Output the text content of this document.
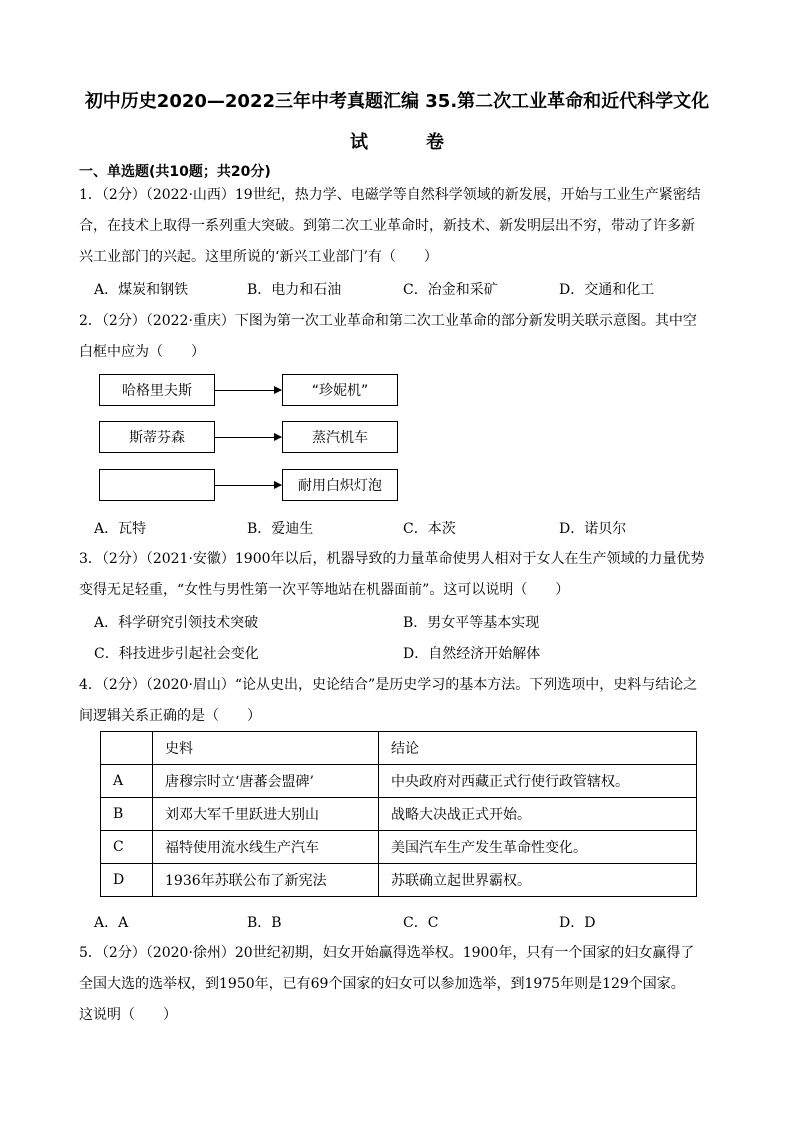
初中历史2020—2022三年中考真题汇编 35.第二次工业革命和近代科学文化
试	卷
一、单选题(共10题；共20分)
1．（2分）（2022·山西）19世纪，热力学、电磁学等自然科学领域的新发展，开始与工业生产紧密结
合，在技术上取得一系列重大突破。到第二次工业革命时，新技术、新发明层出不穷，带动了许多新
兴工业部门的兴起。这里所说的‘新兴工业部门’有（　　）
A．煤炭和钢铁	B．电力和石油	C．冶金和采矿	D．交通和化工
2．（2分）（2022·重庆）下图为第一次工业革命和第二次工业革命的部分新发明关联示意图。其中空
白框中应为（　　）
哈格里夫斯
斯蒂芬森
“珍妮机”
蒸汽机车
耐用白炽灯泡
A．瓦特	B．爱迪生	C．本茨	D．诺贝尔
3．（2分）（2021·安徽）1900年以后，机器导致的力量革命使男人相对于女人在生产领域的力量优势
变得无足轻重，“女性与男性第一次平等地站在机器面前”。这可以说明（　　）
A．科学研究引领技术突破	B．男女平等基本实现
C．科技进步引起社会变化	D．自然经济开始解体
4．（2分）（2020·眉山）“论从史出，史论结合”是历史学习的基本方法。下列选项中，史料与结论之
间逻辑关系正确的是（　　）
	史料	结论
A	唐穆宗时立‘唐蕃会盟碑’	中央政府对西藏正式行使行政管辖权。
B	刘邓大军千里跃进大别山	战略大决战正式开始。
C	福特使用流水线生产汽车	美国汽车生产发生革命性变化。
D	1936年苏联公布了新宪法	苏联确立起世界霸权。
A．A	B．B	C．C	D．D
5．（2分）（2020·徐州）20世纪初期，妇女开始赢得选举权。1900年，只有一个国家的妇女赢得了
全国大选的选举权，到1950年，已有69个国家的妇女可以参加选举，到1975年则是129个国家。
这说明（　　）
